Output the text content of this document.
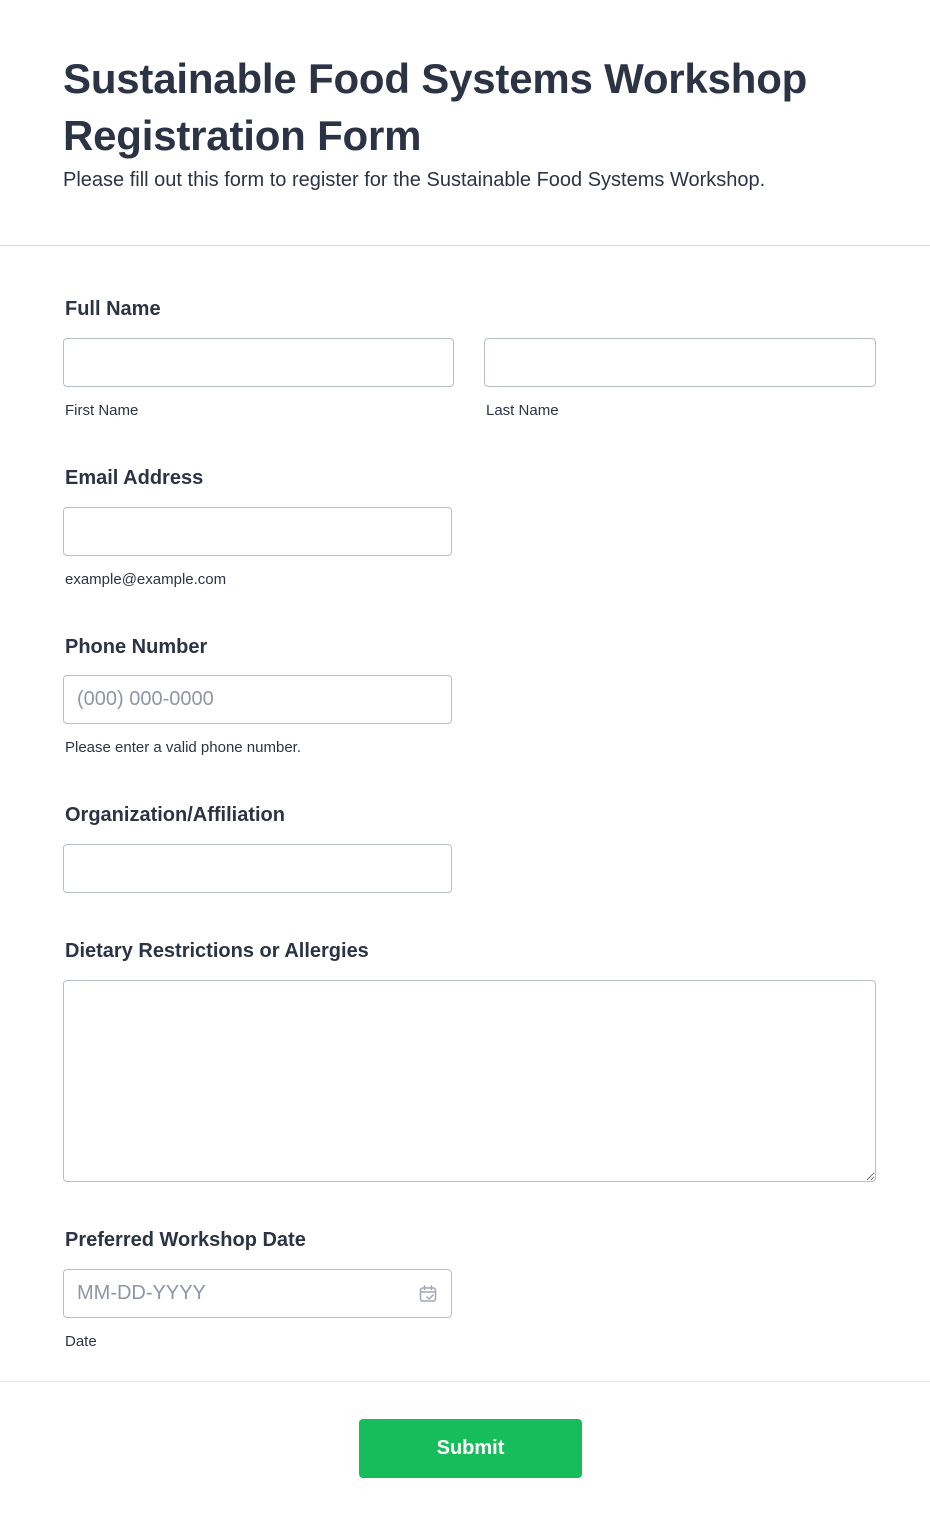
Sustainable Food Systems Workshop Registration Form

Please fill out this form to register for the Sustainable Food Systems Workshop.

Full Name
First Name	Last Name
Email Address
example@example.com
Phone Number
(000) 000-0000
Please enter a valid phone number.
Organization/Affiliation
Dietary Restrictions or Allergies
Preferred Workshop Date
MM-DD-YYYY
Date
Submit
